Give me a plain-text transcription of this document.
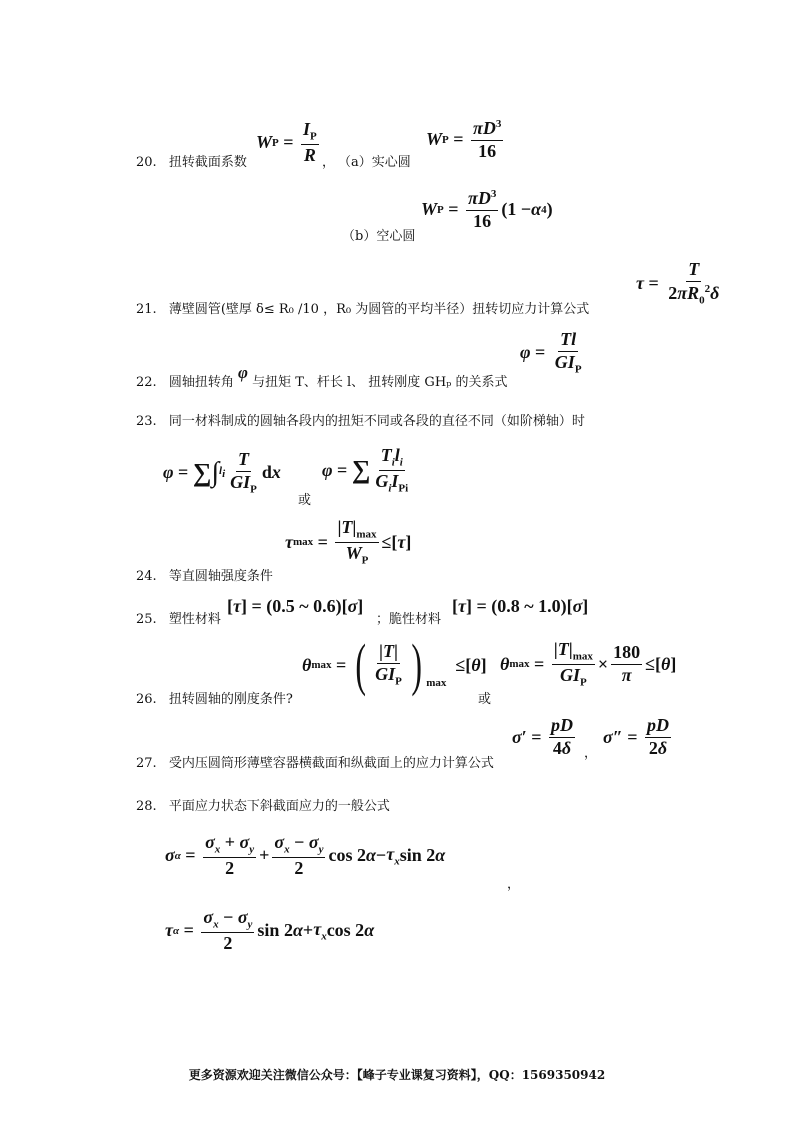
20. 扭转截面系数
W $P = \frac{I_P}{R}$ ， （a）实心圆
W $P = \frac{\pi D^3}{16}$
（b）空心圆
W $P = \frac{\pi D^3}{16} (1 - \alpha$ 4 )
21. 薄壁圆管(壁厚 δ≤ R₀ /10 ，R₀ 为圆管的平均半径）扭转切应力计算公式
$\tau = \frac{T}{2\pi R_0^2\delta}$
22. 圆轴扭转角 φ 与扭矩 T、杆长 l、 扭转刚度 GHₚ 的关系式
$\varphi = \frac{Tl}{GI_P}$
23. 同一材料制成的圆轴各段内的扭矩不同或各段的直径不同（如阶梯轴）时
φ = ∑ ∫ $l_i \frac{T}{GI_P}$ d x
或
φ = ∑ $\frac{T_il_i}{G_iI_{Pi}}$
24. 等直圆轴强度条件
τ $\max = \frac{|T|_{max}}{W_P}$ ≤[ τ ]
25. 塑性材料
[ τ ] = (0.5 ~ 0.6)[ σ ]
；脆性材料
[ τ ] = (0.8 ~ 1.0)[ σ ]
26. 扭转圆轴的刚度条件?
θ max = ( $\frac{|T|}{GI_P}$ ) $_{max}$
≤[ θ ]
或
θ $\max = \frac{|T|_{max}}{GI_P} \times \frac{180}{\pi}$ ≤[ θ ]
27. 受内压圆筒形薄壁容器横截面和纵截面上的应力计算公式
σ ′ = $\frac{pD}{4\delta}$ ，
σ ″ = $\frac{pD}{2\delta}$
28. 平面应力状态下斜截面应力的一般公式
σ $\alpha = \frac{\sigma_x + \sigma_y}{2} + \frac{\sigma_x - \sigma_y}{2}$ cos 2 $\alpha - \tau_x$ sin 2 α
，
τ $\alpha = \frac{\sigma_x - \sigma_y}{2}$ sin 2 $\alpha + \tau_x$ cos 2 α
更多资源欢迎关注微信公众号：【峰子专业课复习资料】，QQ：1569350942
